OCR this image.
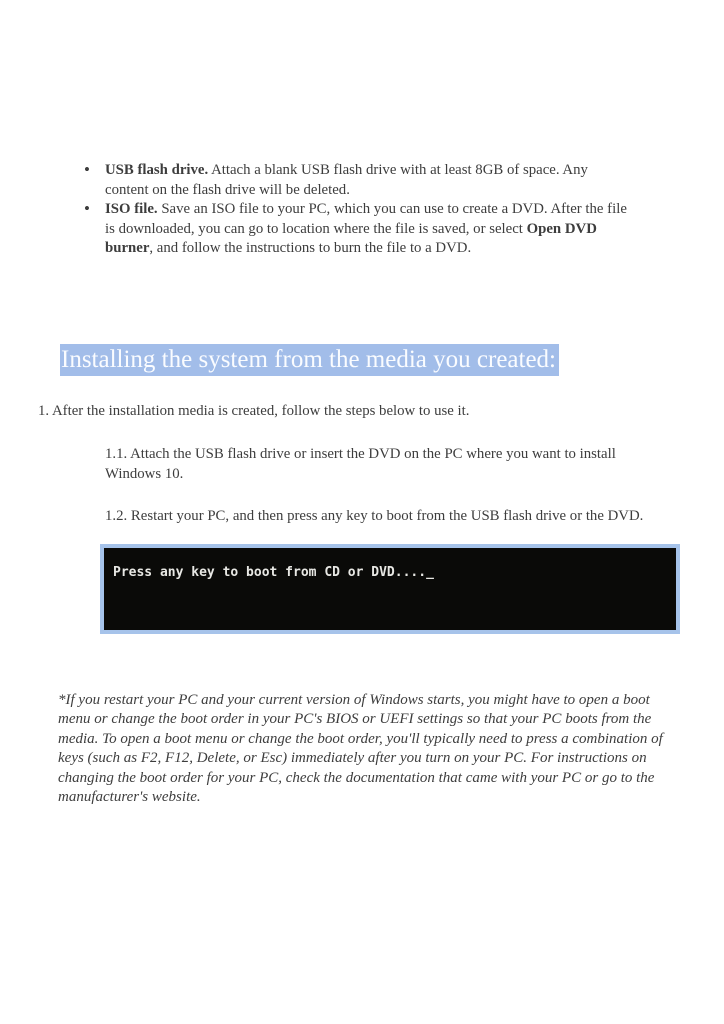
• USB flash drive. Attach a blank USB flash drive with at least 8GB of space. Any content on the flash drive will be deleted.
• ISO file. Save an ISO file to your PC, which you can use to create a DVD. After the file is downloaded, you can go to location where the file is saved, or select Open DVD burner, and follow the instructions to burn the file to a DVD.
Installing the system from the media you created:

1. After the installation media is created, follow the steps below to use it.

1.1. Attach the USB flash drive or insert the DVD on the PC where you want to install Windows 10.

1.2. Restart your PC, and then press any key to boot from the USB flash drive or the DVD.

Press any key to boot from CD or DVD...._

*If you restart your PC and your current version of Windows starts, you might have to open a boot menu or change the boot order in your PC's BIOS or UEFI settings so that your PC boots from the media. To open a boot menu or change the boot order, you'll typically need to press a combination of keys (such as F2, F12, Delete, or Esc) immediately after you turn on your PC. For instructions on changing the boot order for your PC, check the documentation that came with your PC or go to the manufacturer's website.
